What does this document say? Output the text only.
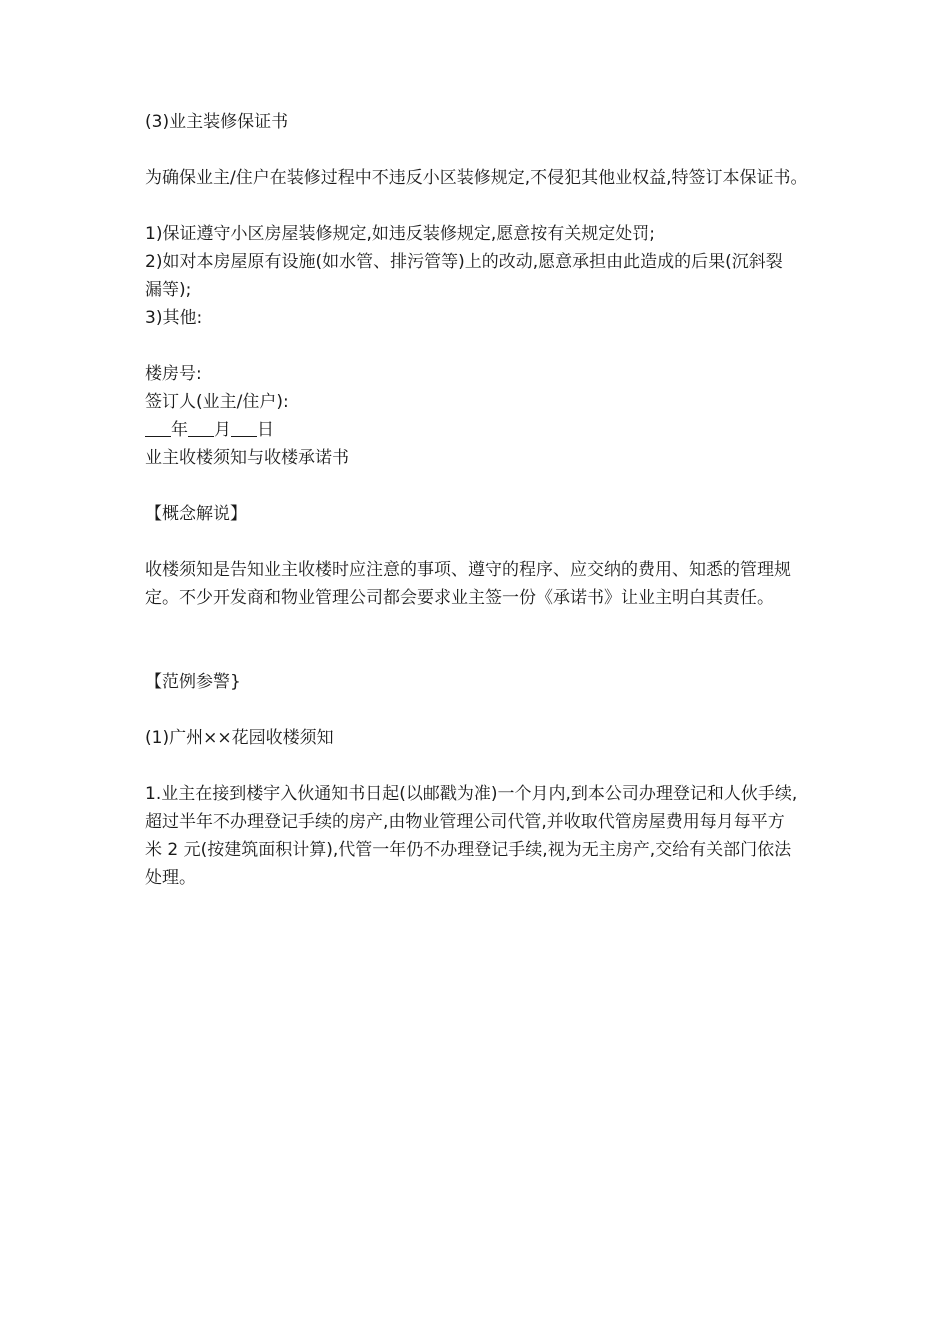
(3)业主装修保证书
为确保业主/住户在装修过程中不违反小区装修规定,不侵犯其他业权益,特签订本保证书。
1)保证遵守小区房屋装修规定,如违反装修规定,愿意按有关规定处罚;
2)如对本房屋原有设施(如水管、排污管等)上的改动,愿意承担由此造成的后果(沉斜裂
漏等);
3)其他:
楼房号:
签订人(业主/住户):
年 月 日
业主收楼须知与收楼承诺书
【概念解说】
收楼须知是告知业主收楼时应注意的事项、遵守的程序、应交纳的费用、知悉的管理规
定。不少开发商和物业管理公司都会要求业主签一份《承诺书》让业主明白其责任。
【范例参警}
(1)广州××花园收楼须知
1.业主在接到楼宇入伙通知书日起(以邮戳为准)一个月内,到本公司办理登记和人伙手续,
超过半年不办理登记手续的房产,由物业管理公司代管,并收取代管房屋费用每月每平方
米 2 元(按建筑面积计算),代管一年仍不办理登记手续,视为无主房产,交给有关部门依法
处理。
